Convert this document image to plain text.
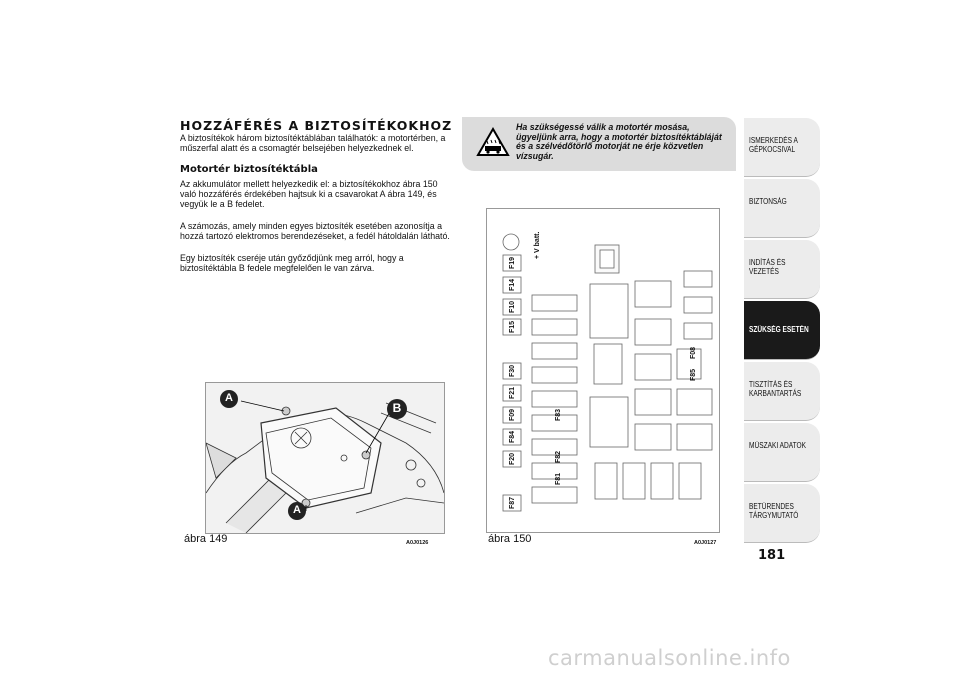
HOZZÁFÉRÉS A BIZTOSÍTÉKOKHOZ
A biztosítékok három biztosítéktáblában találhatók: a motortérben, a műszerfal alatt és a csomagtér belsejében helyezkednek el.
Motortér biztosítéktábla
Az akkumulátor mellett helyezkedik el: a biztosítékokhoz ábra 150 való hozzáférés érdekében hajtsuk ki a csavarokat A ábra 149, és vegyük le a B fedelet.
A számozás, amely minden egyes biztosíték esetében azonosítja a hozzá tartozó elektromos berendezéseket, a fedél hátoldalán látható.
Egy biztosíték cseréje után győződjünk meg arról, hogy a biztosítéktábla B fedele megfelelően le van zárva.
Ha szükségessé válik a motortér mosása, ügyeljünk arra, hogy a motortér biztosítéktábláját és a szélvédőtörlő motorját ne érje közvetlen vízsugár.
A
B
A
ábra 149	A0J0126
+ V batt.
F19
F14
F10
F15
F30
F21
F09
F84
F20
F87
F83
F82
F81
F08
F85
ábra 150	A0J0127
ISMERKEDÉS A GÉPKOCSIVAL
BIZTONSÁG
INDÍTÁS ÉS VEZETÉS
SZÜKSÉG ESETÉN
TISZTÍTÁS ÉS KARBANTARTÁS
MŰSZAKI ADATOK
BETŰRENDES TÁRGYMUTATÓ
181
carmanualsonline.info
